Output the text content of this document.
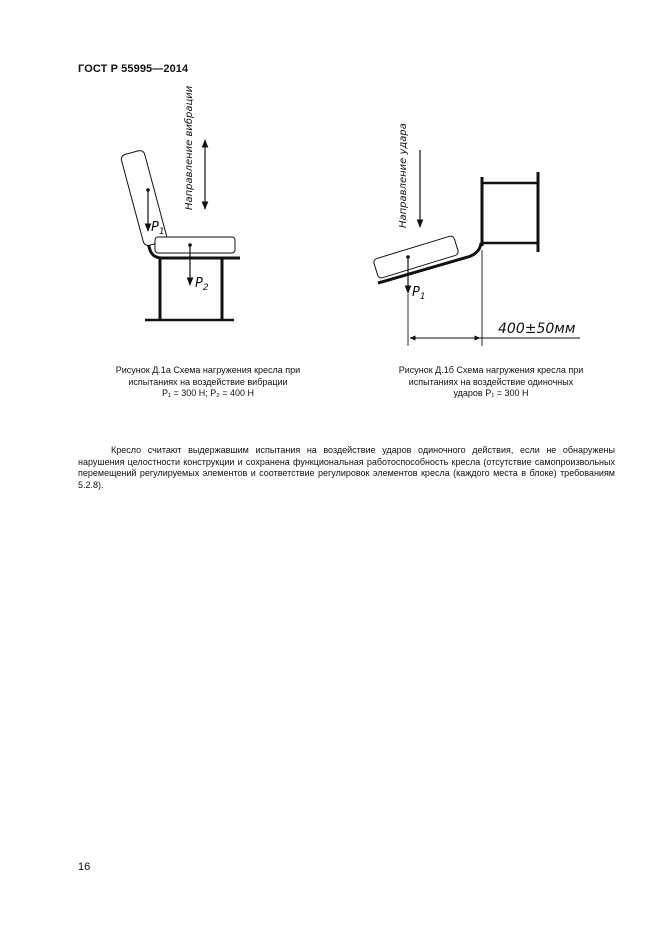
ГОСТ Р 55995—2014
$P_1$
$P_2$
Направление вибрации	Направление удара
$P_1$
400±50мм
Рисунок Д.1а Схема нагружения кресла при
испытаниях на воздействие вибрации
P₁ = 300 Н; P₂ = 400 Н
Рисунок Д.1б Схема нагружения кресла при
испытаниях на воздействие одиночных
ударов P₁ = 300 Н
Кресло считают выдержавшим испытания на воздействие ударов одиночного действия, если не обнаружены нарушения целостности конструкции и сохранена функциональная работоспособность кресла (отсутствие самопроизвольных перемещений регулируемых элементов и соответствие регулировок элементов кресла (каждого места в блоке) требованиям 5.2.8).
16
